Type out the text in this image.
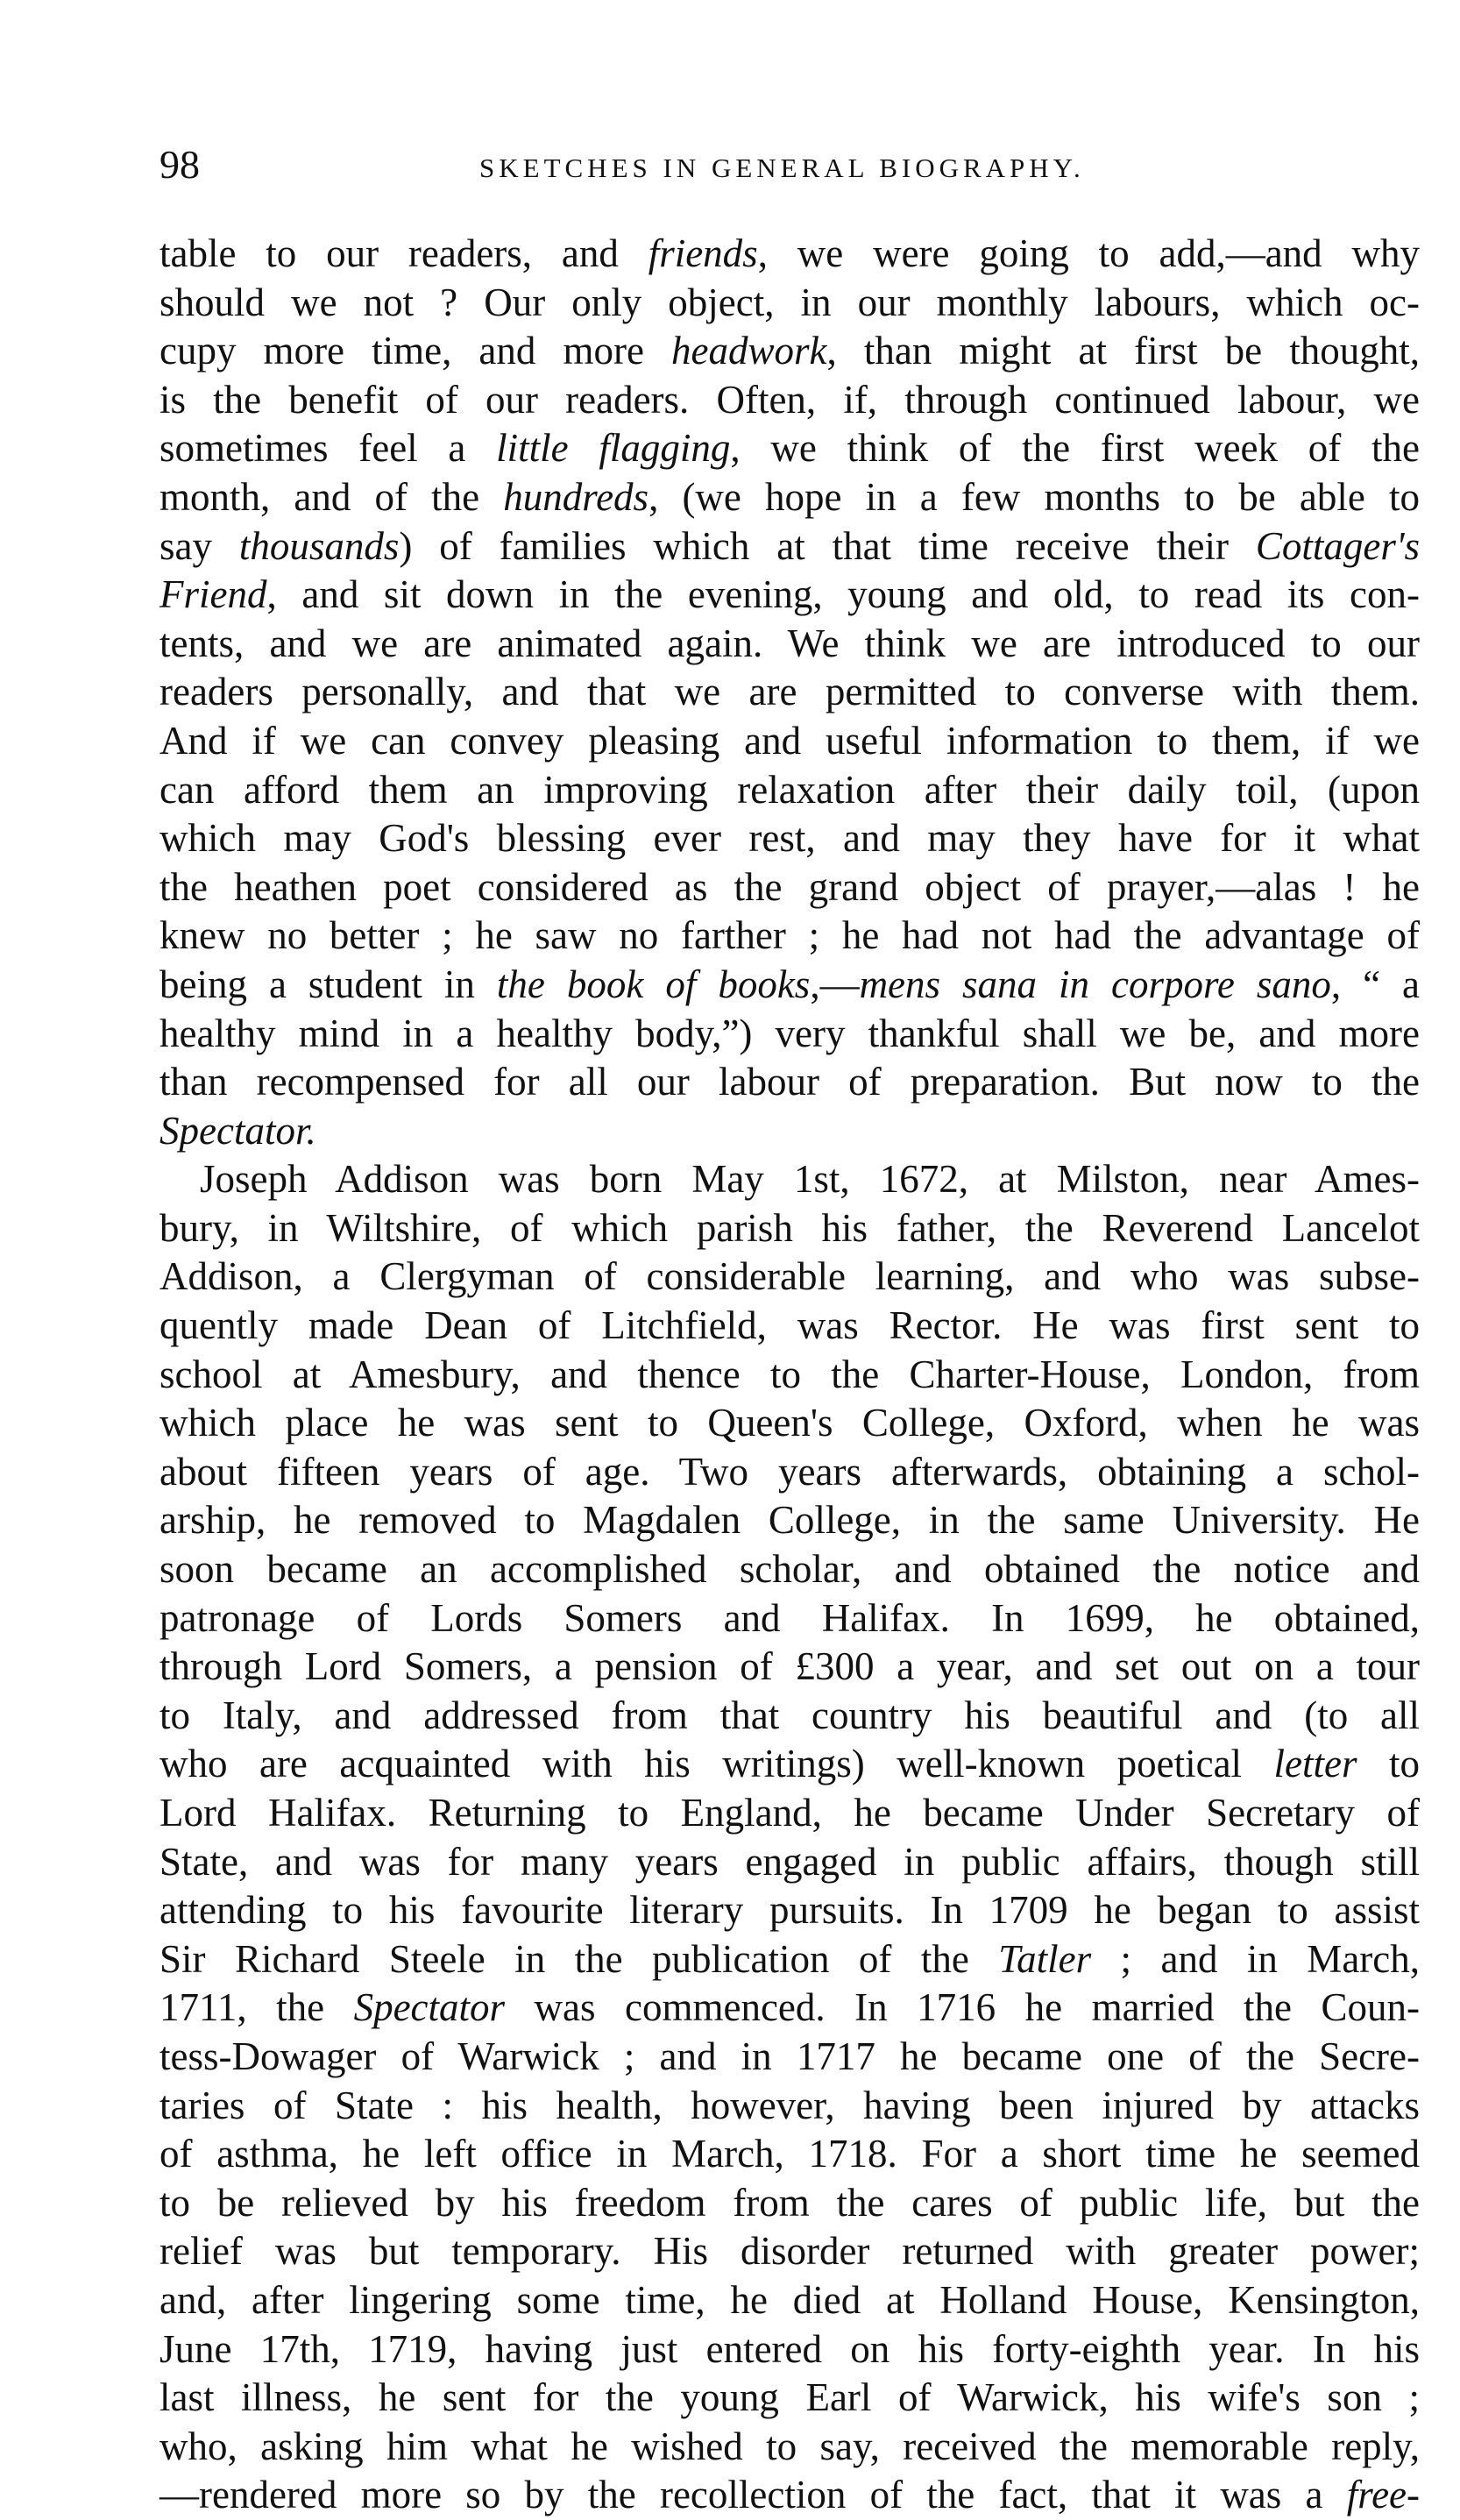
98	SKETCHES IN GENERAL BIOGRAPHY.
table to our readers, and friends, we were going to add,—and why
should we not ? Our only object, in our monthly labours, which oc-
cupy more time, and more headwork, than might at first be thought,
is the benefit of our readers. Often, if, through continued labour, we
sometimes feel a little flagging, we think of the first week of the
month, and of the hundreds, (we hope in a few months to be able to
say thousands) of families which at that time receive their Cottager's
Friend, and sit down in the evening, young and old, to read its con-
tents, and we are animated again. We think we are introduced to our
readers personally, and that we are permitted to converse with them.
And if we can convey pleasing and useful information to them, if we
can afford them an improving relaxation after their daily toil, (upon
which may God's blessing ever rest, and may they have for it what
the heathen poet considered as the grand object of prayer,—alas ! he
knew no better ; he saw no farther ; he had not had the advantage of
being a student in the book of books,—mens sana in corpore sano, “ a
healthy mind in a healthy body,”) very thankful shall we be, and more
than recompensed for all our labour of preparation. But now to the
Spectator.
Joseph Addison was born May 1st, 1672, at Milston, near Ames-
bury, in Wiltshire, of which parish his father, the Reverend Lancelot
Addison, a Clergyman of considerable learning, and who was subse-
quently made Dean of Litchfield, was Rector. He was first sent to
school at Amesbury, and thence to the Charter-House, London, from
which place he was sent to Queen's College, Oxford, when he was
about fifteen years of age. Two years afterwards, obtaining a schol-
arship, he removed to Magdalen College, in the same University. He
soon became an accomplished scholar, and obtained the notice and
patronage of Lords Somers and Halifax. In 1699, he obtained,
through Lord Somers, a pension of £300 a year, and set out on a tour
to Italy, and addressed from that country his beautiful and (to all
who are acquainted with his writings) well-known poetical letter to
Lord Halifax. Returning to England, he became Under Secretary of
State, and was for many years engaged in public affairs, though still
attending to his favourite literary pursuits. In 1709 he began to assist
Sir Richard Steele in the publication of the Tatler ; and in March,
1711, the Spectator was commenced. In 1716 he married the Coun-
tess-Dowager of Warwick ; and in 1717 he became one of the Secre-
taries of State : his health, however, having been injured by attacks
of asthma, he left office in March, 1718. For a short time he seemed
to be relieved by his freedom from the cares of public life, but the
relief was but temporary. His disorder returned with greater power;
and, after lingering some time, he died at Holland House, Kensington,
June 17th, 1719, having just entered on his forty-eighth year. In his
last illness, he sent for the young Earl of Warwick, his wife's son ;
who, asking him what he wished to say, received the memorable reply,
—rendered more so by the recollection of the fact, that it was a free-
